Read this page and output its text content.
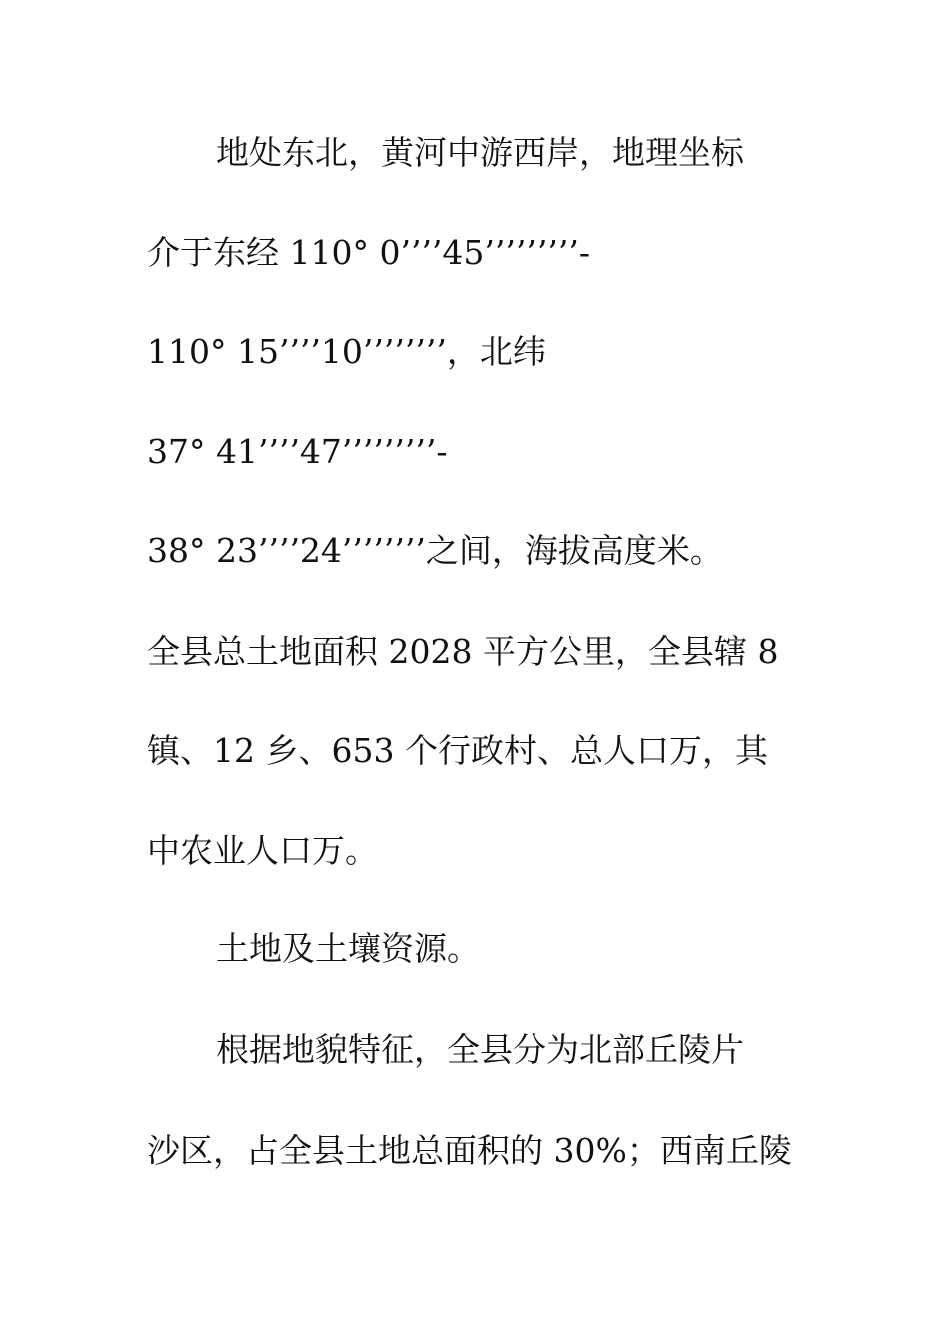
地处东北，黄河中游西岸，地理坐标
介于东经 110° 0’’’’45’’’’’’’’’-
110° 15’’’’10’’’’’’’’，北纬
37° 41’’’’47’’’’’’’’’-
38° 23’’’’24’’’’’’’’之间，海拔高度米。
全县总土地面积 2028 平方公里，全县辖 8
镇、12 乡、653 个行政村、总人口万，其
中农业人口万。
土地及土壤资源。
根据地貌特征，全县分为北部丘陵片
沙区，占全县土地总面积的 30%；西南丘陵
